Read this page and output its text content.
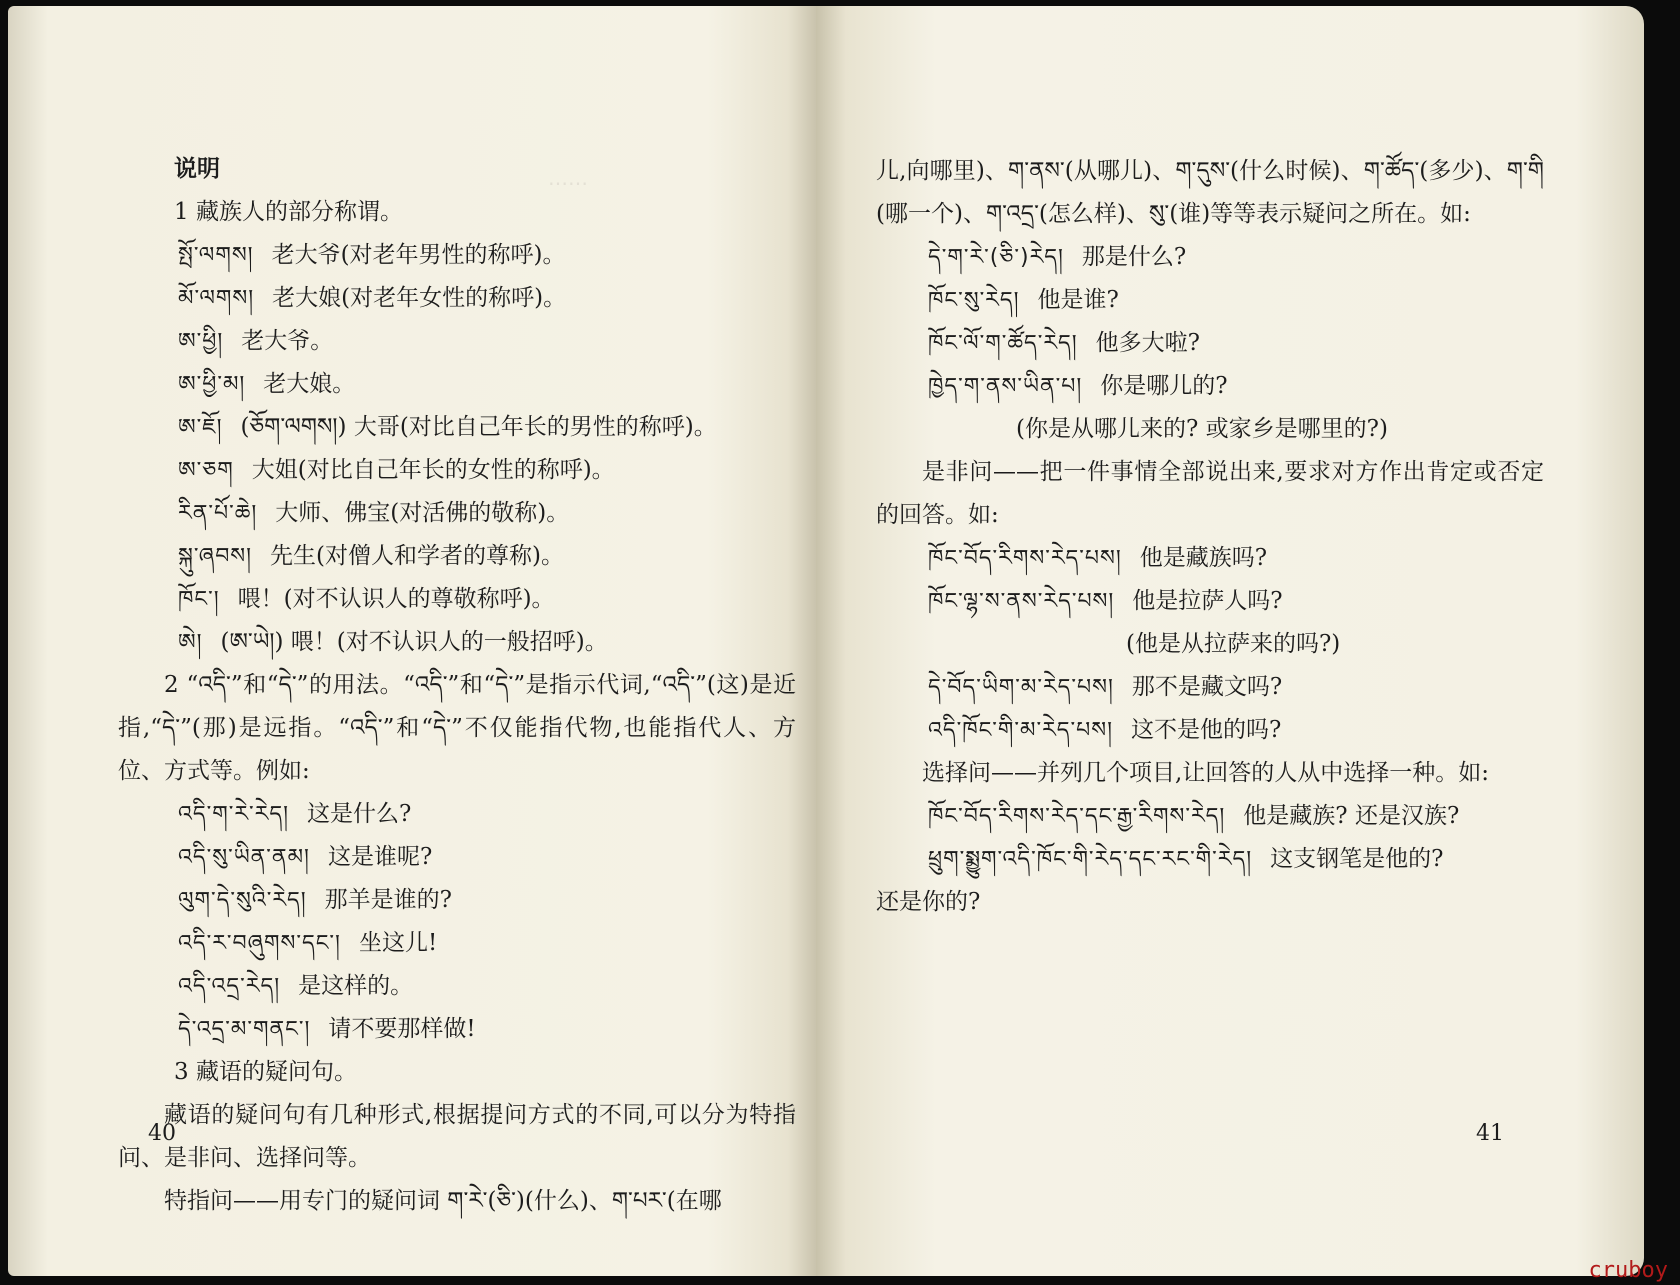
……
说明
1 藏族人的部分称谓。
སྤོ་ལགས། 老大爷(对老年男性的称呼)。
མོ་ལགས། 老大娘(对老年女性的称呼)。
ཨ་ཕྱི། 老大爷。
ཨ་ཕྱི་མ། 老大娘。
ཨ་ཇོ། (ཅོག་ལགས།) 大哥(对比自己年长的男性的称呼)。
ཨ་ཅག 大姐(对比自己年长的女性的称呼)。
རིན་པོ་ཆེ། 大师、佛宝(对活佛的敬称)。
སྐུ་ཞབས། 先生(对僧人和学者的尊称)。
ཁོང་། 喂！(对不认识人的尊敬称呼)。
ཨེ། (ཨ་ཡེ།) 喂！(对不认识人的一般招呼)。
2 “འདི་”和“དེ་”的用法。“འདི་”和“དེ་”是指示代词,“འདི་”(这)是近指,“དེ་”(那)是远指。“འདི་”和“དེ་”不仅能指代物,也能指代人、方位、方式等。例如:
འདི་ག་རེ་རེད། 这是什么?
འདི་སུ་ཡིན་ནམ། 这是谁呢?
ལུག་དེ་སུའི་རེད། 那羊是谁的?
འདི་ར་བཞུགས་དང་། 坐这儿!
འདི་འདྲ་རེད། 是这样的。
དེ་འདྲ་མ་གནང་། 请不要那样做!
3 藏语的疑问句。
藏语的疑问句有几种形式,根据提问方式的不同,可以分为特指问、是非问、选择问等。
特指问——用专门的疑问词 ག་རེ་(ཅི་)(什么)、ག་པར་(在哪
40
儿,向哪里)、ག་ནས་(从哪儿)、ག་དུས་(什么时候)、ག་ཚོད་(多少)、ག་གི (哪一个)、ག་འདྲ་(怎么样)、སུ་(谁)等等表示疑问之所在。如:
དེ་ག་རེ་(ཅི་)རེད། 那是什么?
ཁོང་སུ་རེད། 他是谁?
ཁོང་ལོ་ག་ཚོད་རེད། 他多大啦?
ཁྱེད་ག་ནས་ཡིན་པ། 你是哪儿的?
(你是从哪儿来的? 或家乡是哪里的?)
是非问——把一件事情全部说出来,要求对方作出肯定或否定的回答。如:
ཁོང་བོད་རིགས་རེད་པས། 他是藏族吗?
ཁོང་ལྷ་ས་ནས་རེད་པས། 他是拉萨人吗?
(他是从拉萨来的吗?)
དེ་བོད་ཡིག་མ་རེད་པས། 那不是藏文吗?
འདི་ཁོང་གི་མ་རེད་པས། 这不是他的吗?
选择问——并列几个项目,让回答的人从中选择一种。如:
ཁོང་བོད་རིགས་རེད་དང་རྒྱ་རིགས་རེད། 他是藏族? 还是汉族?
ཕྲུག་སྨྱུག་འདི་ཁོང་གི་རེད་དང་རང་གི་རེད། 这支钢笔是他的?
还是你的?
41
cruboy
